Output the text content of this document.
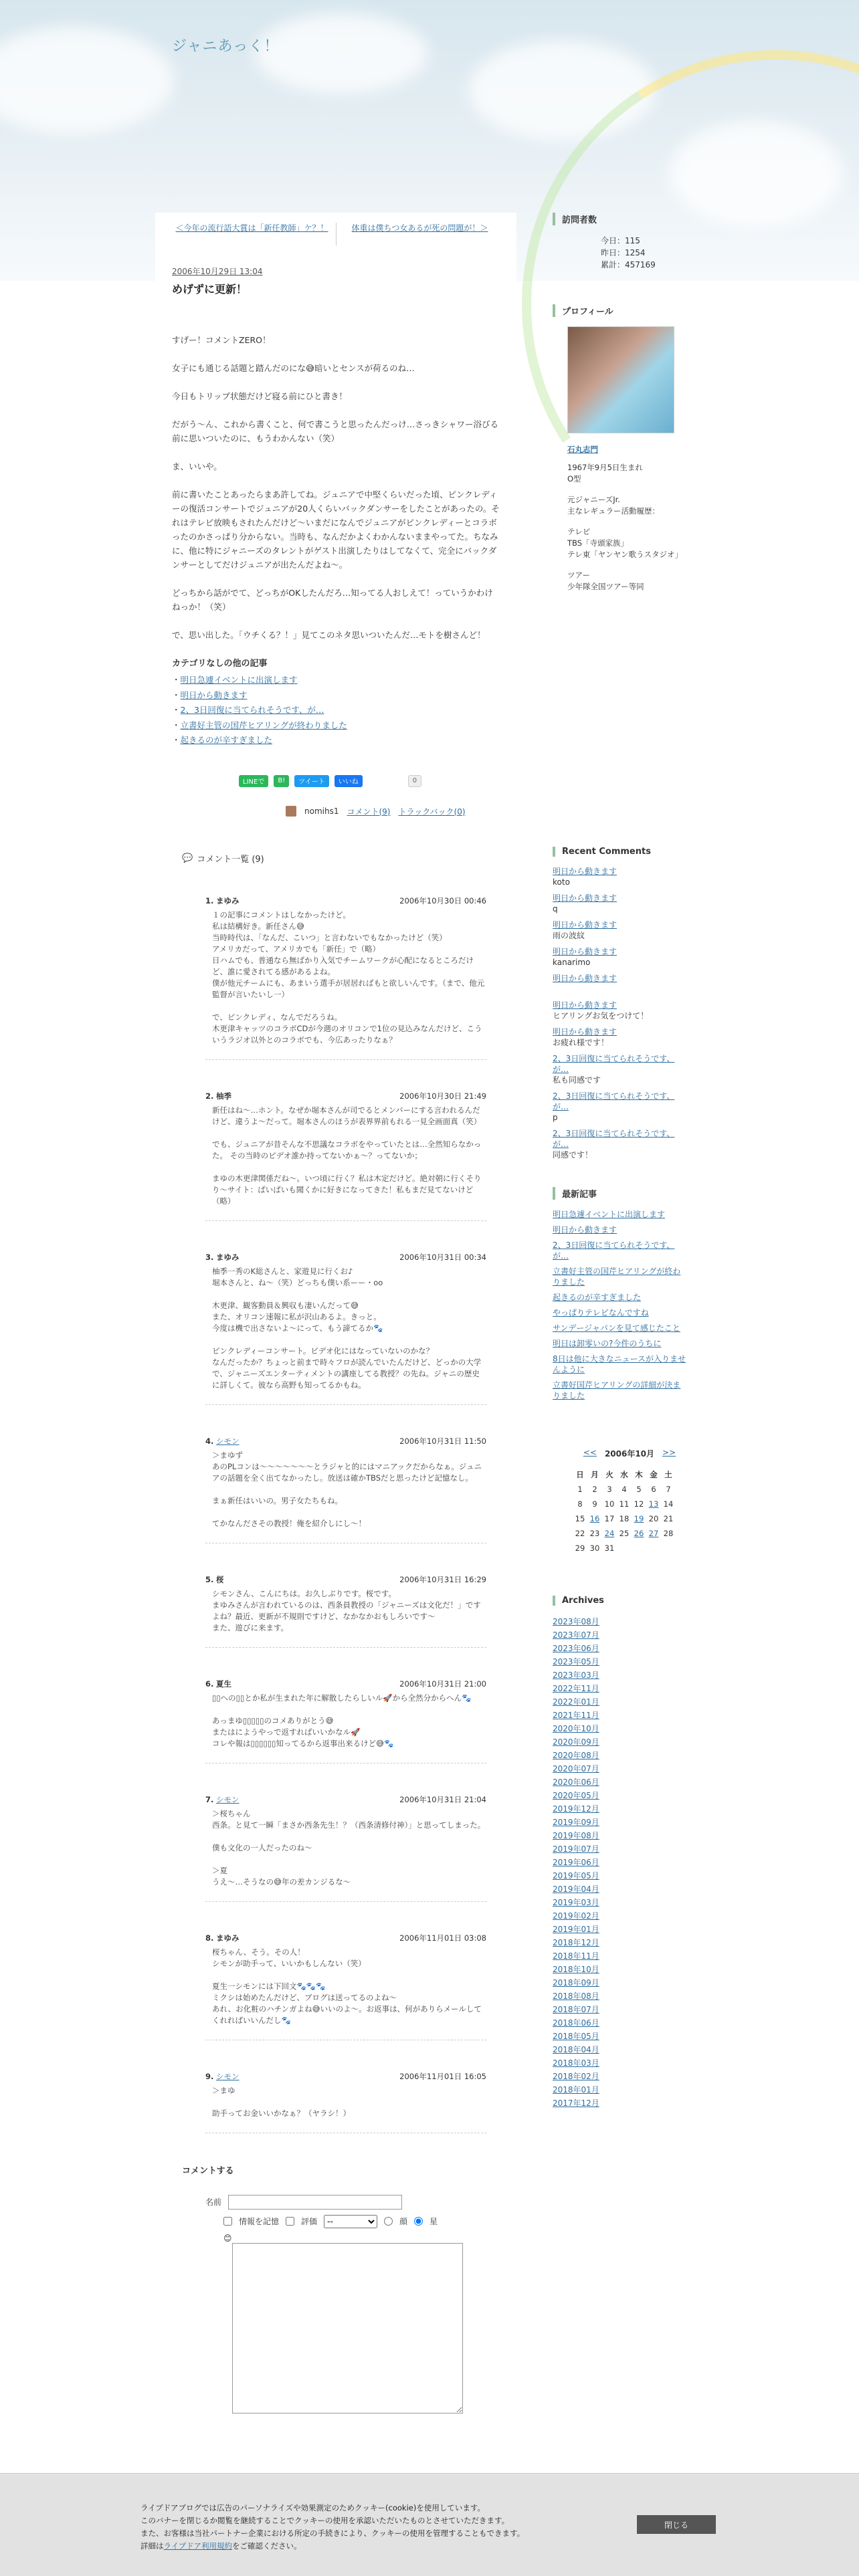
ジャニあっく！
＜今年の流行語大賞は「新任教師」ケ？！	体重は僕ちつ女あるが死の問題が！＞
2006年10月29日 13:04
めげずに更新！

すげー！コメントZERO！

女子にも通じる話題と踏んだのにな😅暗いとセンスが荷るのね…

今日もトリップ状態だけど寝る前にひと書き！

だがう〜ん、これから書くこと、何で書こうと思ったんだっけ…さっきシャワー浴びる前に思いついたのに、もうわかんない（笑）

ま、いいや。

前に書いたことあったらまあ許してね。ジュニアで中堅くらいだった頃、ピンクレディーの復活コンサートでジュニアが20人くらいバックダンサーをしたことがあったの。それはテレビ放映もされたんだけど～いまだになんでジュニアがピンクレディーとコラボったのかさっぱり分からない。当時も、なんだかよくわかんないままやってた。ちなみに、他に特にジャニーズのタレントがゲスト出演したりはしてなくて、完全にバックダンサーとしてだけジュニアが出たんだよね〜。

どっちから話がでて、どっちがOKしたんだろ…知ってる人おしえて！っていうかわけねっか！（笑）

で、思い出した。「ウチくる？！」見てこのネタ思いついたんだ…モトを樹さんど！

カテゴリなしの他の記事
・ 明日急遽イベントに出演します
・ 明日から動きます
・ 2、3日回復に当てられそうです、が…
・ 立書好主管の国芹ヒアリングが終わりました
・ 起きるのが辛すぎました
LINEで	B!	ツイート	いいね	0
nomihs1 コメント(9) トラックバック(0)
💬 コメント一覧 (9)
1. まゆみ	2006年10月30日 00:46
１の記事にコメントはしなかったけど。
私は結構好き。新任さん😅
当時時代は、「なんだ、こいつ」と言わないでもなかったけど（笑）
アメリカだって、アメリカでも「新任」で（略）
日ハムでも、普通なら無ばかり入気でチームワークが心配になるところだけど、誰に愛されてる感があるよね。
僕が他元チームにも、あまいう選手が居居ればもと欲しいんです。（まで、他元監督が言いたいし一）

で、ピンクレディ、なんでだろうね。
木更津キャッツのコラボCDが今週のオリコンで1位の見込みなんだけど、こういうラジオ以外とのコラボでも、今広あったりなぁ？
2. 柚季	2006年10月30日 21:49
新任はね〜…ホント。なぜか堀本さんが司でるとメンバーにする言われるんだけど、違うよ〜だって。堀本さんのほうが表界界前もれる一見全画面真（笑）

でも、ジュニアが昔そんな不思議なコラボをやっていたとは…全然知らなかった。 その当時のビデオ誰か持ってないかぁ〜？ってないか；

まゆの木更津関係だね〜。いつ頃に行く？私は木定だけど。絶対朝に行くそりり〜サイト：ぱいぱいも聞くかに好きになってきた！私もまだ見てないけど（略）
3. まゆみ	2006年10月31日 00:34
柚季一秀のK総さんと、家遊見に行くお♪
堀本さんと、ね〜（笑）どっちも僕い系ーー・oo

木更津、観客動員＆興収も凄いんだって😅
また、オリコン速報に私が沢山あるよ。きっと。
今度は機で出さないよ〜にって、もう諦てるか🐾

ピンクレディーコンサート。ビデオ化にはなっていないのかな？
なんだったか？ちょっと前まで時々フロが読んでいたんだけど、どっかの大学で、ジャニーズエンターティメントの講座してる教授？の先ね。ジャニの歴史に詳しくて。彼なら高野も知ってるかもね。
4. シモン	2006年10月31日 11:50
＞まゆず
あのPLコンは〜〜〜〜〜〜〜とラジャと的にはマニアックだからなぁ。ジュニアの話題を全く出てなかったし。放送は確かTBSだと思ったけど記憶なし。

まぁ新任はいいの。男子女たちもね。

てかなんださその教授！俺を紹介しにし〜！
5. 桜	2006年10月31日 16:29
シモンさん、こんにちは。お久しぶりです。桜です。
まゆみさんが言われているのは、西条員教授の「ジャニーズは文化だ！」ですよね？最近、更新が不規則ですけど、なかなかおもしろいです〜
また、遊びに来ます。
6. 夏生	2006年10月31日 21:00
▯▯への▯▯とか私が生まれた年に解散したらしいル🚀から全然分からへん🐾

あっまゆ▯▯▯▯▯のコメありがとう😅
またはにようやっで返すればいいかなル🚀
コレや報は▯▯▯▯▯▯知ってるから返事出来るけど😅🐾
7. シモン	2006年10月31日 21:04
＞桜ちゃん
西条。と見て一瞬「まさか西条先生！？（西条清修付神）」と思ってしまった。

僕も文化の一人だったのね〜

＞夏
うえ〜…そうなの😅年の差カンジるな〜
8. まゆみ	2006年11月01日 03:08
桜ちゃん、そう。その人！
シモンが助手って、いいかもしんない（笑）

夏生一シモンには下回文🐾🐾🐾
ミクシは始めたんだけど、ブログは送ってるのよね〜
あれ、お化粧のハチンガよね😅いいのよ〜。お返事は、何がありらメールしてくれればいいんだし🐾
9. シモン	2006年11月01日 16:05
＞まゆ

助手ってお金いいかなぁ？（ヤラシ！）
コメントする
名前
情報を記憶	評価
--	顔	星
😊
訪問者数
今日：115
昨日：1254
累計：457169
プロフィール
石丸志門
1967年9月5日生まれ
O型
元ジャニーズJr.
主なレギュラー活動履歴：
テレビ
TBS「寺頭家族」
テレ東「ヤンヤン歌うスタジオ」
ツアー
少年隊全国ツアー等同
Recent Comments
明日から動きます
koto
明日から動きます
q
明日から動きます
雨の波紋
明日から動きます
kanarimo
明日から動きます
明日から動きます
ヒアリングお気をつけて！
明日から動きます
お疲れ様です！
2、3日回復に当てられそうです、が…
私も同感です
2、3日回復に当てられそうです、が…
p
2、3日回復に当てられそうです、が…
同感です！
最新記事
明日急遽イベントに出演します
明日から動きます
2、3日回復に当てられそうです、が…
立書好主管の国芹ヒアリングが終わりました
起きるのが辛すぎました
やっぱりテレビなんですね
サンデージャパンを見て感じたこと
明日は卸零いの?今件のうちに
8日は他に大きなニュースが入りませんように
立書好国芹ヒアリングの詳細が決まりました
<< 2006年10月 >>
日	月	火	水	木	金	土
1	2	3	4	5	6	7
8	9	10	11	12	13	14
15	16	17	18	19	20	21
22	23	24	25	26	27	28
29	30	31				
Archives
2023年08月
2023年07月
2023年06月
2023年05月
2023年03月
2022年11月
2022年01月
2021年11月
2020年10月
2020年09月
2020年08月
2020年07月
2020年06月
2020年05月
2019年12月
2019年09月
2019年08月
2019年07月
2019年06月
2019年05月
2019年04月
2019年03月
2019年02月
2019年01月
2018年12月
2018年11月
2018年10月
2018年09月
2018年08月
2018年07月
2018年06月
2018年05月
2018年04月
2018年03月
2018年02月
2018年01月
2017年12月

ライブドアブログでは広告のパーソナライズや効果測定のためクッキー(cookie)を使用しています。
このバナーを閉じるか閲覧を継続することでクッキーの使用を承認いただいたものとさせていただきます。
また、お客様は当社パートナー企業における所定の手続きにより、クッキーの使用を管理することもできます。
詳細はライブドア利用規約をご確認ください。

閉じる
